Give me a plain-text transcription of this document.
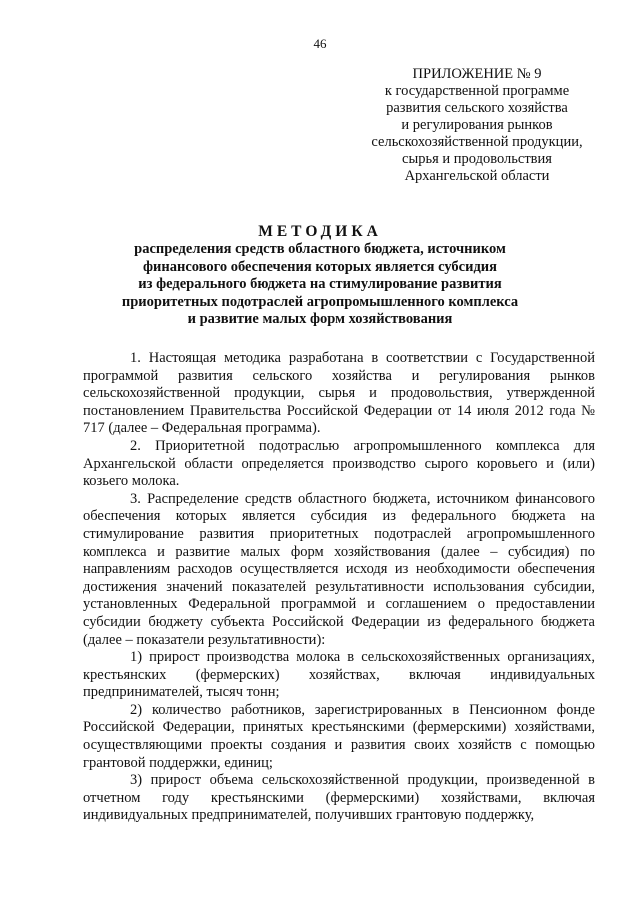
46
ПРИЛОЖЕНИЕ № 9
к государственной программе
развития сельского хозяйства
и регулирования рынков
сельскохозяйственной продукции,
сырья и продовольствия
Архангельской области
МЕТОДИКА
распределения средств областного бюджета, источником
финансового обеспечения которых является субсидия
из федерального бюджета на стимулирование развития
приоритетных подотраслей агропромышленного комплекса
и развитие малых форм хозяйствования

1. Настоящая методика разработана в соответствии с Государственной программой развития сельского хозяйства и регулирования рынков сельскохозяйственной продукции, сырья и продовольствия, утвержденной постановлением Правительства Российской Федерации от 14 июля 2012 года № 717 (далее – Федеральная программа).

2. Приоритетной подотраслью агропромышленного комплекса для Архангельской области определяется производство сырого коровьего и (или) козьего молока.

3. Распределение средств областного бюджета, источником финансового обеспечения которых является субсидия из федерального бюджета на стимулирование развития приоритетных подотраслей агропромышленного комплекса и развитие малых форм хозяйствования (далее – субсидия) по направлениям расходов осуществляется исходя из необходимости обеспечения достижения значений показателей результативности использования субсидии, установленных Федеральной программой и соглашением о предоставлении субсидии бюджету субъекта Российской Федерации из федерального бюджета (далее – показатели результативности):

1) прирост производства молока в сельскохозяйственных организациях, крестьянских (фермерских) хозяйствах, включая индивидуальных предпринимателей, тысяч тонн;

2) количество работников, зарегистрированных в Пенсионном фонде Российской Федерации, принятых крестьянскими (фермерскими) хозяйствами, осуществляющими проекты создания и развития своих хозяйств с помощью грантовой поддержки, единиц;

3) прирост объема сельскохозяйственной продукции, произведенной в отчетном году крестьянскими (фермерскими) хозяйствами, включая индивидуальных предпринимателей, получивших грантовую поддержку,
